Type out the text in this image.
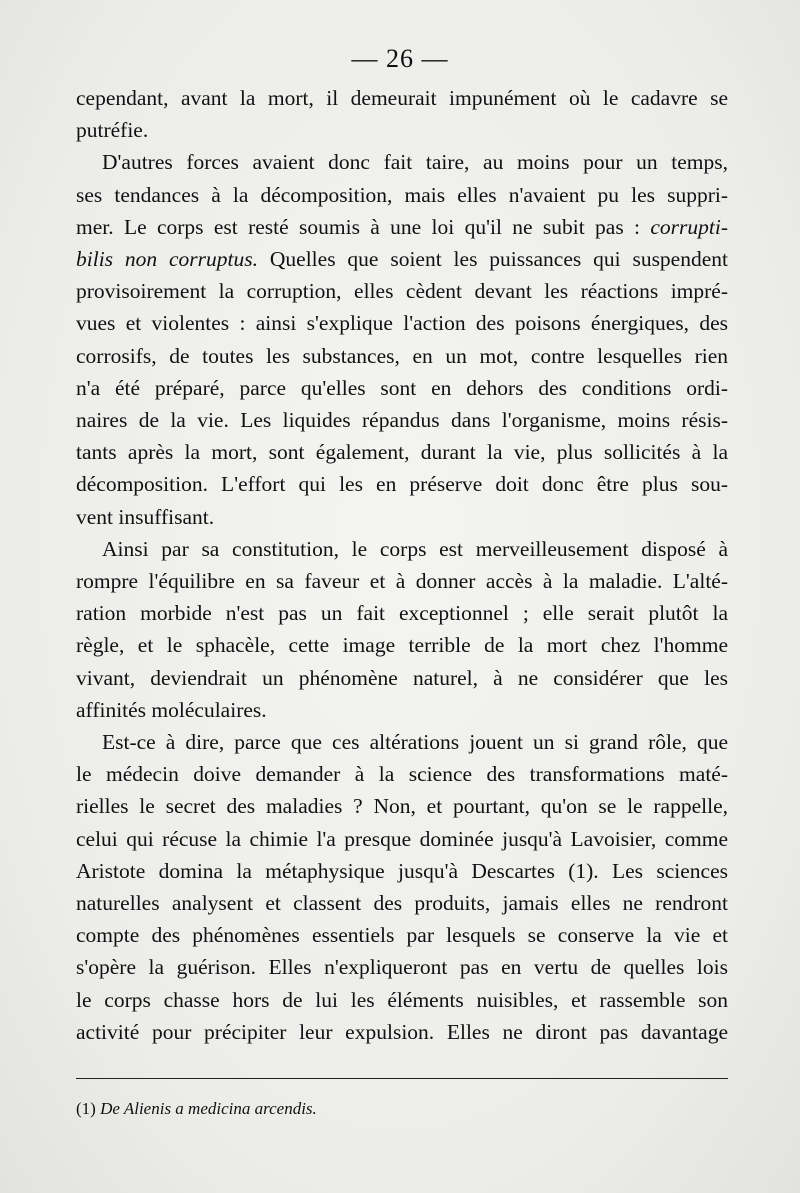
— 26 —

cependant, avant la mort, il demeurait impunément où le cadavre se

putréfie.

D'autres forces avaient donc fait taire, au moins pour un temps,

ses tendances à la décomposition, mais elles n'avaient pu les suppri-

mer. Le corps est resté soumis à une loi qu'il ne subit pas : corrupti-

bilis non corruptus. Quelles que soient les puissances qui suspendent

provisoirement la corruption, elles cèdent devant les réactions impré-

vues et violentes : ainsi s'explique l'action des poisons énergiques, des

corrosifs, de toutes les substances, en un mot, contre lesquelles rien

n'a été préparé, parce qu'elles sont en dehors des conditions ordi-

naires de la vie. Les liquides répandus dans l'organisme, moins résis-

tants après la mort, sont également, durant la vie, plus sollicités à la

décomposition. L'effort qui les en préserve doit donc être plus sou-

vent insuffisant.

Ainsi par sa constitution, le corps est merveilleusement disposé à

rompre l'équilibre en sa faveur et à donner accès à la maladie. L'alté-

ration morbide n'est pas un fait exceptionnel ; elle serait plutôt la

règle, et le sphacèle, cette image terrible de la mort chez l'homme

vivant, deviendrait un phénomène naturel, à ne considérer que les

affinités moléculaires.

Est-ce à dire, parce que ces altérations jouent un si grand rôle, que

le médecin doive demander à la science des transformations maté-

rielles le secret des maladies ? Non, et pourtant, qu'on se le rappelle,

celui qui récuse la chimie l'a presque dominée jusqu'à Lavoisier, comme

Aristote domina la métaphysique jusqu'à Descartes (1). Les sciences

naturelles analysent et classent des produits, jamais elles ne rendront

compte des phénomènes essentiels par lesquels se conserve la vie et

s'opère la guérison. Elles n'expliqueront pas en vertu de quelles lois

le corps chasse hors de lui les éléments nuisibles, et rassemble son

activité pour précipiter leur expulsion. Elles ne diront pas davantage

(1) De Alienis a medicina arcendis.
